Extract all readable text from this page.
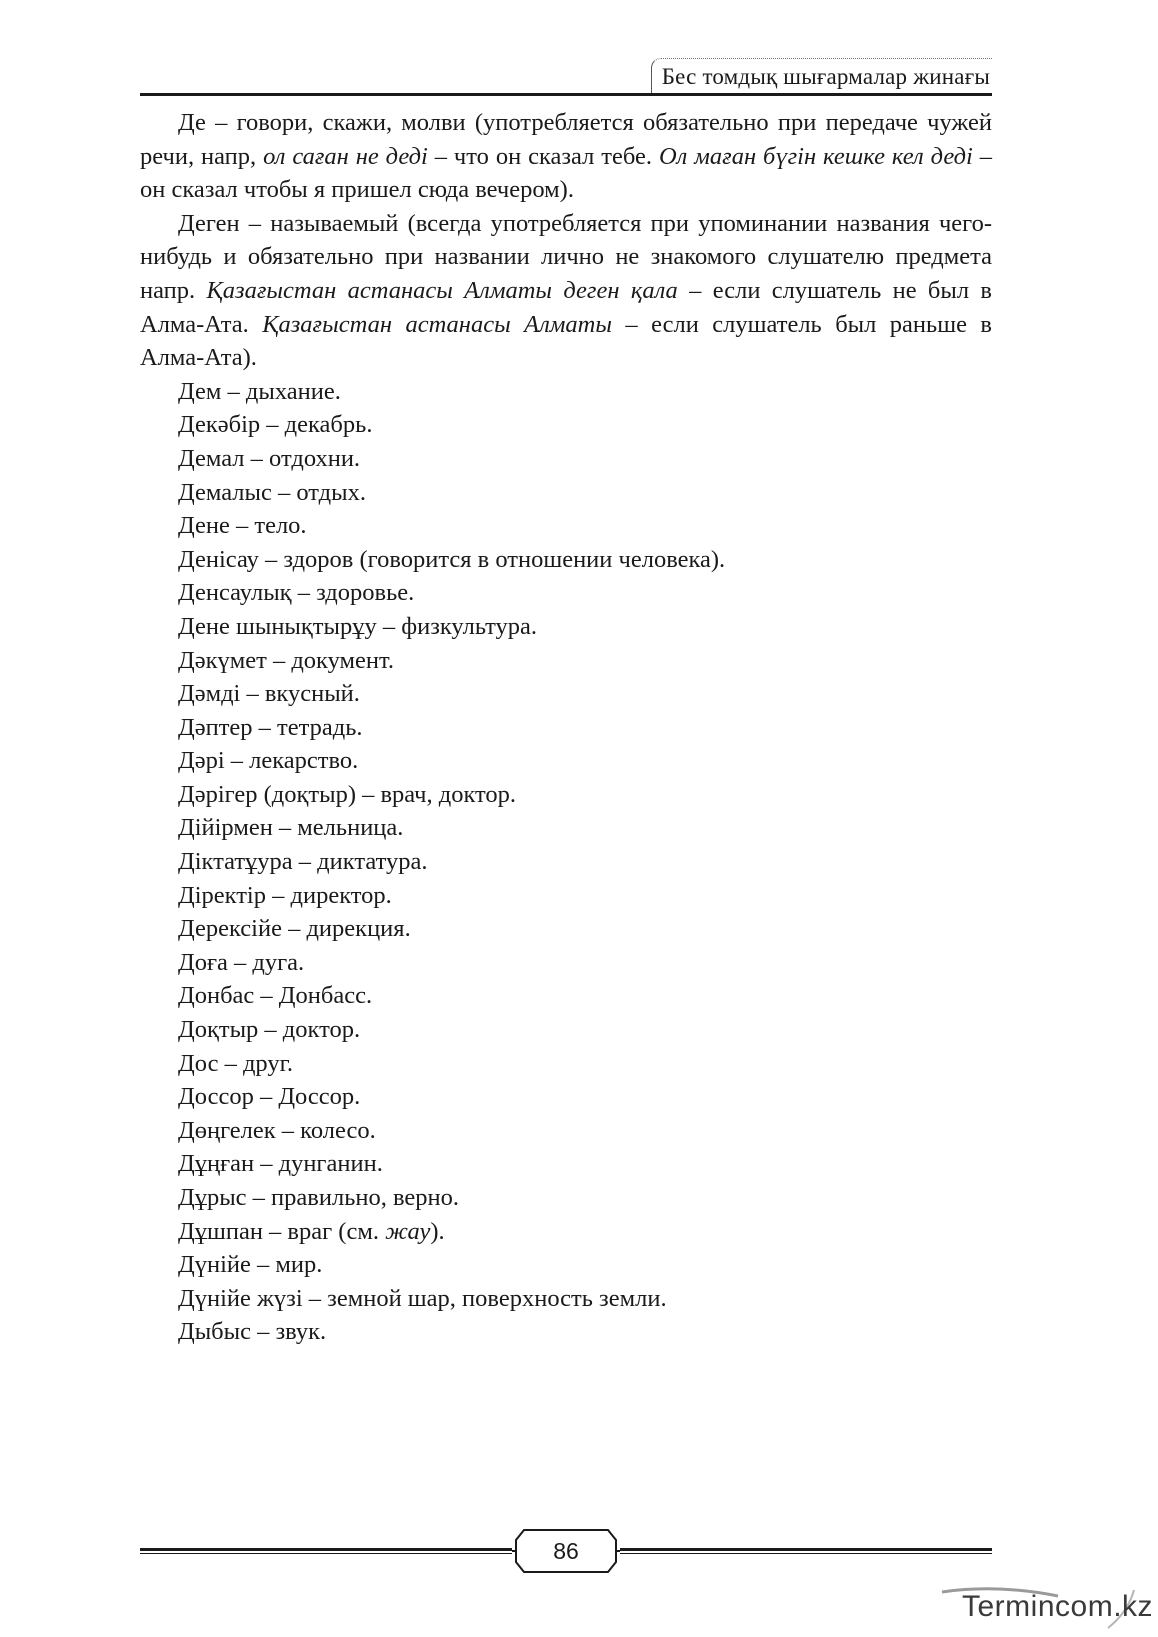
Бес томдық шығармалар жинағы

Де – говори, скажи, молви (употребляется обязательно при передаче чужей речи, напр, ол саған не деді – что он сказал тебе. Ол маған бүгін кешке кел деді – он сказал чтобы я пришел сюда вечером).

Деген – называемый (всегда употребляется при упоминании названия чего-нибудь и обязательно при названии лично не знакомого слушателю предмета напр. Қазағыстан астанасы Алматы деген қала – если слушатель не был в Алма-Ата. Қазағыстан астанасы Алматы – если слушатель был раньше в Алма-Ата).

Дем – дыхание.

Декәбір – декабрь.

Демал – отдохни.

Демалыс – отдых.

Дене – тело.

Денісау – здоров (говорится в отношении человека).

Денсаулық – здоровье.

Дене шынықтырұу – физкультура.

Дәкүмет – документ.

Дәмді – вкусный.

Дәптер – тетрадь.

Дәрі – лекарство.

Дәрігер (доқтыр) – врач, доктор.

Дійірмен – мельница.

Діктатұура – диктатура.

Діректір – директор.

Дерексійе – дирекция.

Доға – дуга.

Донбас – Донбасс.

Доқтыр – доктор.

Дос – друг.

Доссор – Доссор.

Дөңгелек – колесо.

Дұңған – дунганин.

Дұрыс – правильно, верно.

Дұшпан – враг (см. жау).

Дүнійе – мир.

Дүнійе жүзі – земной шар, поверхность земли.

Дыбыс – звук.

86
Termincom.kz
